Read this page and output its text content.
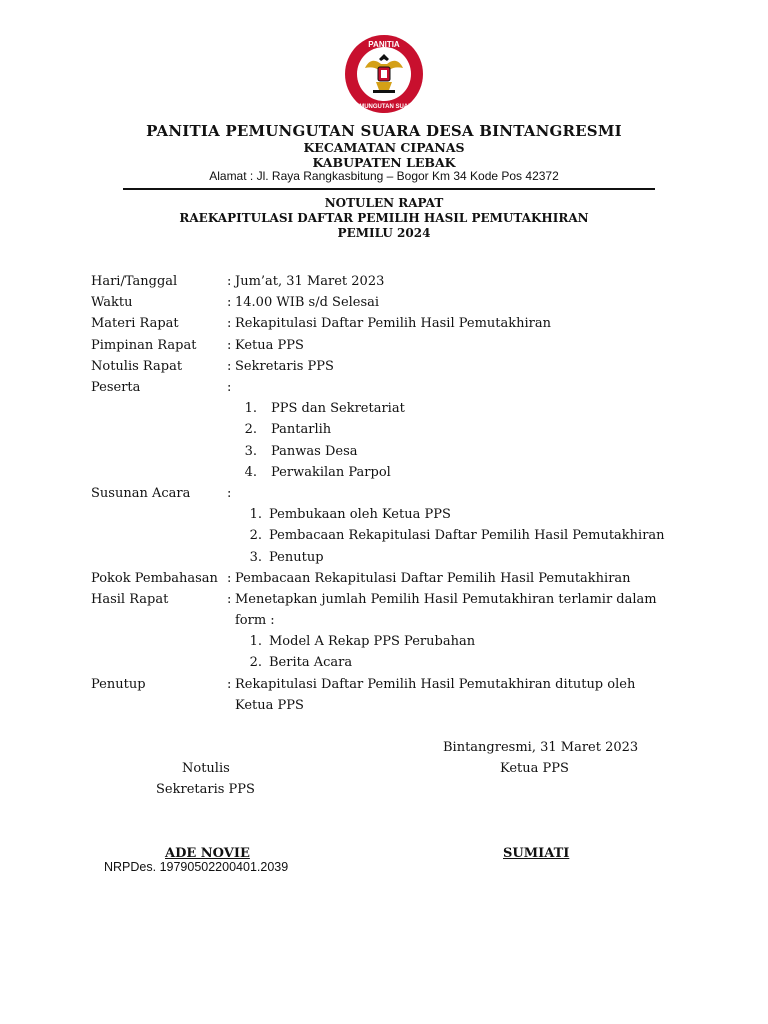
PANITIA
PEMUNGUTAN SUARA
PANITIA PEMUNGUTAN SUARA DESA BINTANGRESMI
KECAMATAN CIPANAS
KABUPATEN LEBAK
Alamat : Jl. Raya Rangkasbitung – Bogor Km 34 Kode Pos 42372
NOTULEN RAPAT
RAEKAPITULASI DAFTAR PEMILIH HASIL PEMUTAKHIRAN
PEMILU 2024
Hari/Tanggal	: Jum’at, 31 Maret 2023
Waktu	: 14.00 WIB s/d Selesai
Materi Rapat	: Rekapitulasi Daftar Pemilih Hasil Pemutakhiran
Pimpinan Rapat : Ketua PPS
Notulis Rapat	: Sekretaris PPS
Peserta	:
1. PPS dan Sekretariat
2. Pantarlih
3. Panwas Desa
4. Perwakilan Parpol
Susunan Acara	:
1. Pembukaan oleh Ketua PPS
2. Pembacaan Rekapitulasi Daftar Pemilih Hasil Pemutakhiran
3. Penutup
Pokok Pembahasan : Pembacaan Rekapitulasi Daftar Pemilih Hasil Pemutakhiran
Hasil Rapat	: Menetapkan jumlah Pemilih Hasil Pemutakhiran terlamir dalam
form :
1. Model A Rekap PPS Perubahan
2. Berita Acara
Penutup	: Rekapitulasi Daftar Pemilih Hasil Pemutakhiran ditutup oleh
Ketua PPS
Bintangresmi, 31 Maret 2023
Notulis	Ketua PPS
Sekretaris PPS
ADE NOVIE	SUMIATI
NRPDes. 19790502200401.2039
